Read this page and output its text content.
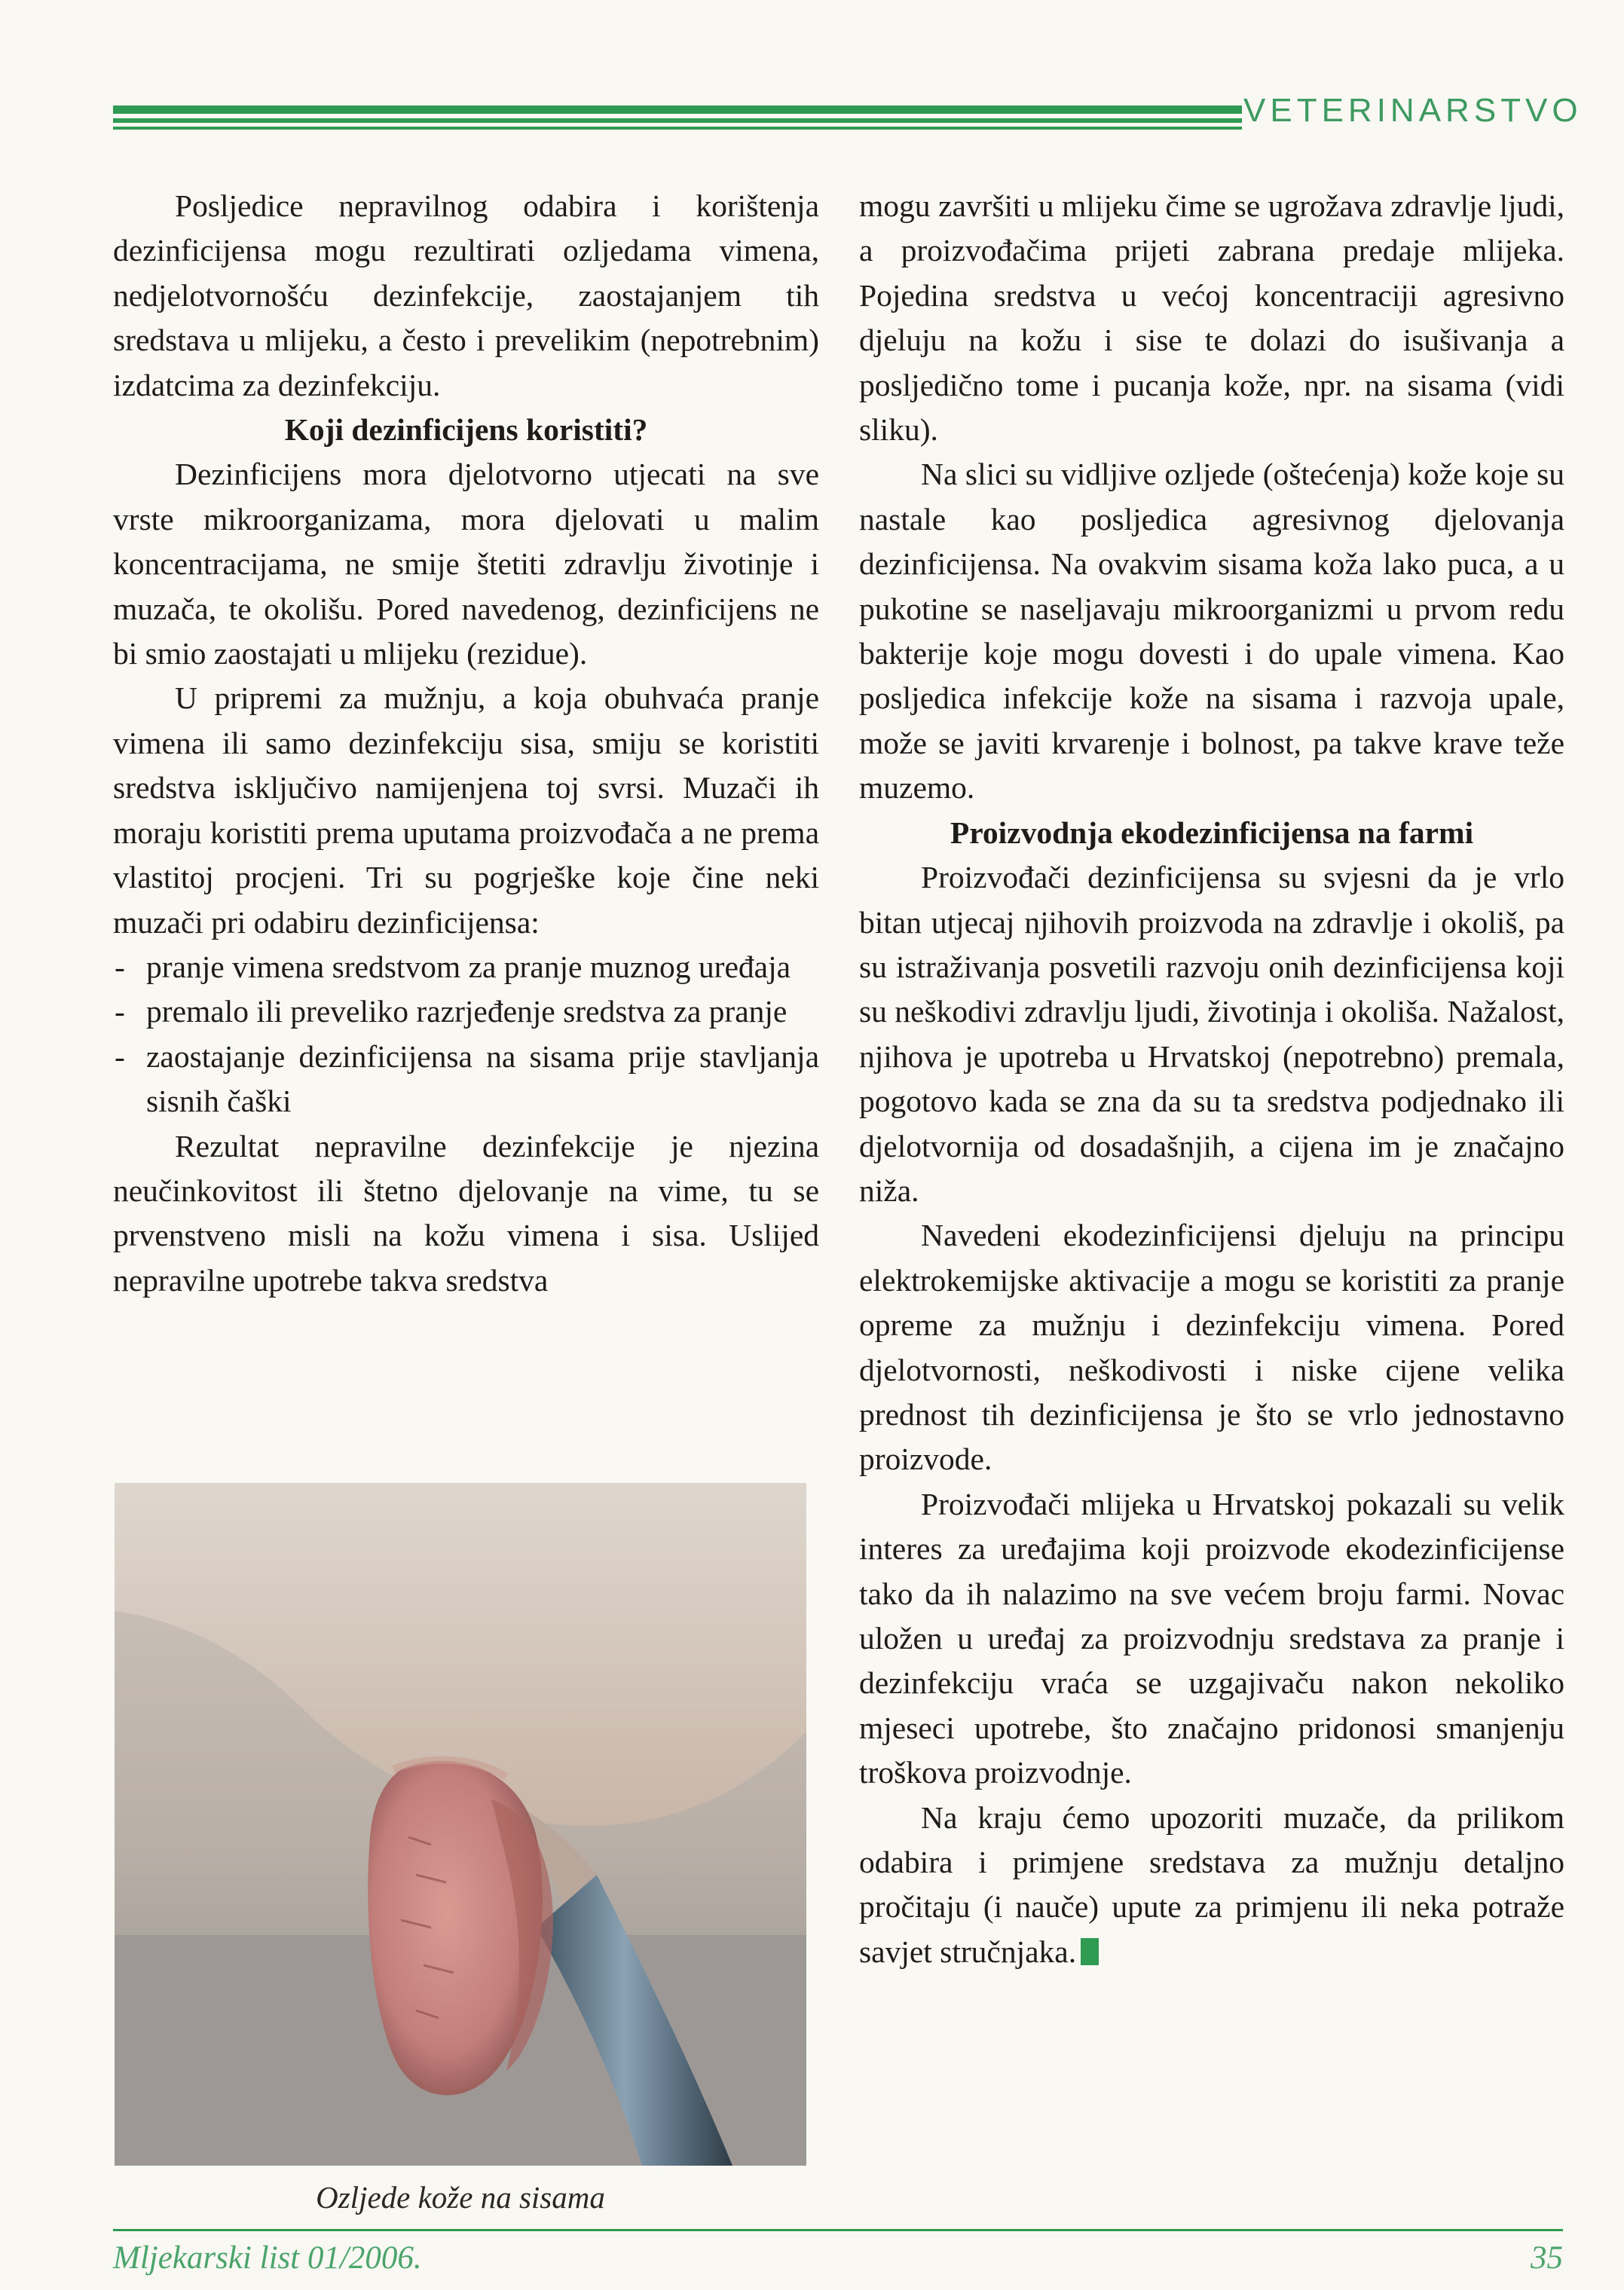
VETERINARSTVO

Posljedice nepravilnog odabira i korištenja dezinficijensa mogu rezultirati ozljedama vimena, nedjelotvornošću dezinfekcije, zaostajanjem tih sredstava u mlijeku, a često i prevelikim (nepotrebnim) izdatcima za dezinfekciju.

Koji dezinficijens koristiti?

Dezinficijens mora djelotvorno utjecati na sve vrste mikroorganizama, mora djelovati u malim koncentracijama, ne smije štetiti zdravlju životinje i muzača, te okolišu. Pored navedenog, dezinficijens ne bi smio zaostajati u mlijeku (rezidue).

U pripremi za mužnju, a koja obuhvaća pranje vimena ili samo dezinfekciju sisa, smiju se koristiti sredstva isključivo namijenjena toj svrsi. Muzači ih moraju koristiti prema uputama proizvođača a ne prema vlastitoj procjeni. Tri su pogrješke koje čine neki muzači pri odabiru dezinficijensa:

- pranje vimena sredstvom za pranje muznog uređaja
- premalo ili preveliko razrjeđenje sredstva za pranje
- zaostajanje dezinficijensa na sisama prije stavljanja sisnih čaški

Rezultat nepravilne dezinfekcije je njezina neučinkovitost ili štetno djelovanje na vime, tu se prvenstveno misli na kožu vimena i sisa. Uslijed nepravilne upotrebe takva sredstva

Ozljede kože na sisama

mogu završiti u mlijeku čime se ugrožava zdravlje ljudi, a proizvođačima prijeti zabrana predaje mlijeka. Pojedina sredstva u većoj koncentraciji agresivno djeluju na kožu i sise te dolazi do isušivanja a posljedično tome i pucanja kože, npr. na sisama (vidi sliku).

Na slici su vidljive ozljede (oštećenja) kože koje su nastale kao posljedica agresivnog djelovanja dezinficijensa. Na ovakvim sisama koža lako puca, a u pukotine se naseljavaju mikroorganizmi u prvom redu bakterije koje mogu dovesti i do upale vimena. Kao posljedica infekcije kože na sisama i razvoja upale, može se javiti krvarenje i bolnost, pa takve krave teže muzemo.

Proizvodnja ekodezinficijensa na farmi

Proizvođači dezinficijensa su svjesni da je vrlo bitan utjecaj njihovih proizvoda na zdravlje i okoliš, pa su istraživanja posvetili razvoju onih dezinficijensa koji su neškodivi zdravlju ljudi, životinja i okoliša. Nažalost, njihova je upotreba u Hrvatskoj (nepotrebno) premala, pogotovo kada se zna da su ta sredstva podjednako ili djelotvornija od dosadašnjih, a cijena im je značajno niža.

Navedeni ekodezinficijensi djeluju na principu elektrokemijske aktivacije a mogu se koristiti za pranje opreme za mužnju i dezinfekciju vimena. Pored djelotvornosti, neškodivosti i niske cijene velika prednost tih dezinficijensa je što se vrlo jednostavno proizvode.

Proizvođači mlijeka u Hrvatskoj pokazali su velik interes za uređajima koji proizvode ekodezinficijense tako da ih nalazimo na sve većem broju farmi. Novac uložen u uređaj za proizvodnju sredstava za pranje i dezinfekciju vraća se uzgajivaču nakon nekoliko mjeseci upotrebe, što značajno pridonosi smanjenju troškova proizvodnje.

Na kraju ćemo upozoriti muzače, da prilikom odabira i primjene sredstava za mužnju detaljno pročitaju (i nauče) upute za primjenu ili neka potraže savjet stručnjaka.

Mljekarski list 01/2006.	35
